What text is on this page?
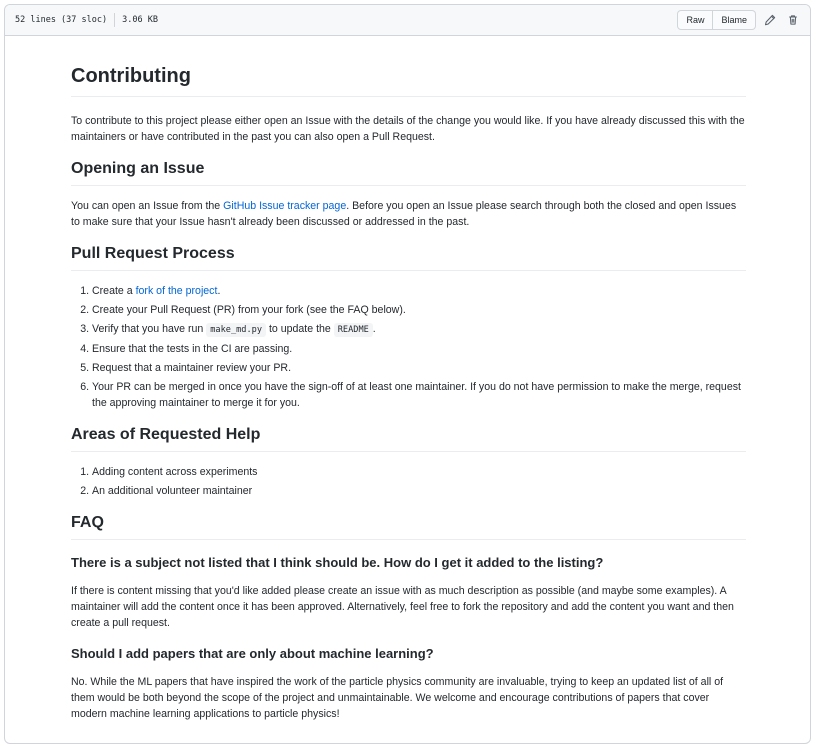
52 lines (37 sloc) 3.06 KB	Raw	Blame
Contributing

To contribute to this project please either open an Issue with the details of the change you would like. If you have already discussed this with the maintainers or have contributed in the past you can also open a Pull Request.

Opening an Issue

You can open an Issue from the GitHub Issue tracker page. Before you open an Issue please search through both the closed and open Issues to make sure that your Issue hasn't already been discussed or addressed in the past.

Pull Request Process
1. Create a fork of the project.
2. Create your Pull Request (PR) from your fork (see the FAQ below).
3. Verify that you have run make_md.py to update the README .
4. Ensure that the tests in the CI are passing.
5. Request that a maintainer review your PR.
6. Your PR can be merged in once you have the sign-off of at least one maintainer. If you do not have permission to make the merge, request the approving maintainer to merge it for you.
Areas of Requested Help
1. Adding content across experiments
2. An additional volunteer maintainer
FAQ
There is a subject not listed that I think should be. How do I get it added to the listing?

If there is content missing that you'd like added please create an issue with as much description as possible (and maybe some examples). A maintainer will add the content once it has been approved. Alternatively, feel free to fork the repository and add the content you want and then create a pull request.

Should I add papers that are only about machine learning?

No. While the ML papers that have inspired the work of the particle physics community are invaluable, trying to keep an updated list of all of them would be both beyond the scope of the project and unmaintainable. We welcome and encourage contributions of papers that cover modern machine learning applications to particle physics!
